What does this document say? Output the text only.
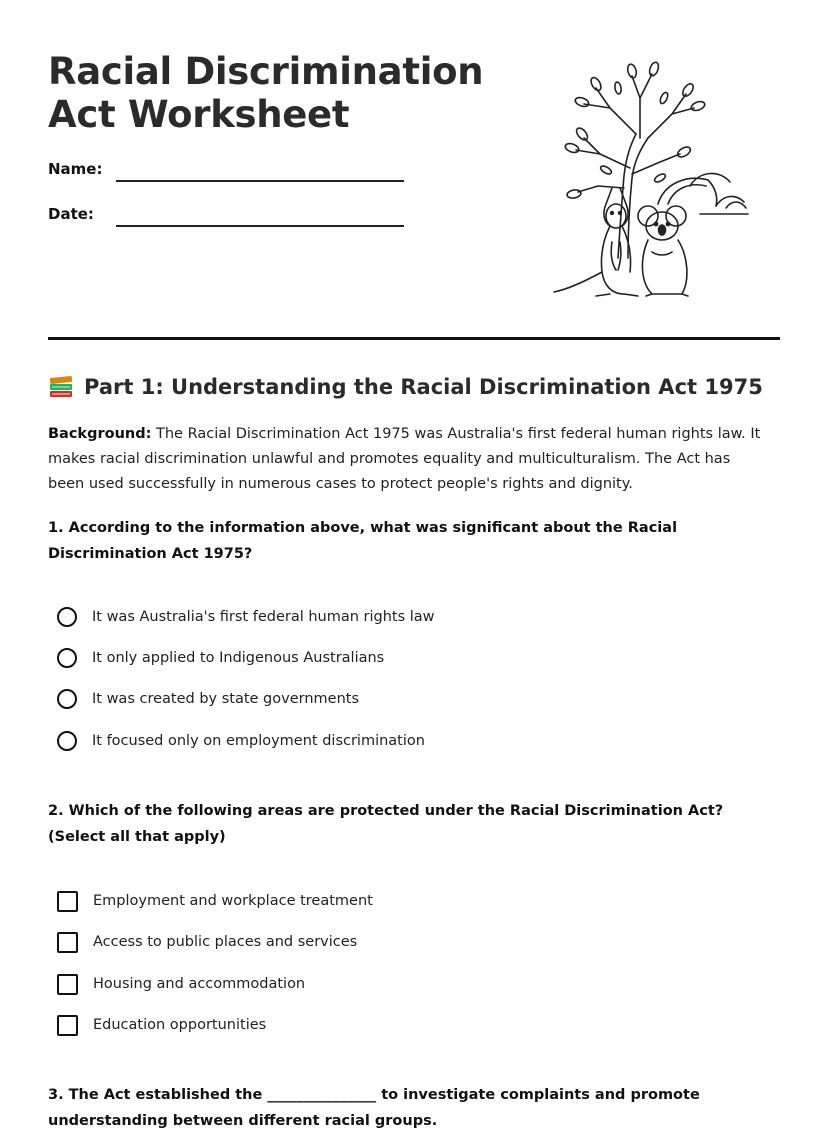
Racial Discrimination
Act Worksheet
Name:
Date:
Part 1: Understanding the Racial Discrimination Act 1975

Background: The Racial Discrimination Act 1975 was Australia's first federal human rights law. It makes racial discrimination unlawful and promotes equality and multiculturalism. The Act has been used successfully in numerous cases to protect people's rights and dignity.

1. According to the information above, what was significant about the Racial Discrimination Act 1975?

It was Australia's first federal human rights law
It only applied to Indigenous Australians
It was created by state governments
It focused only on employment discrimination

2. Which of the following areas are protected under the Racial Discrimination Act? (Select all that apply)

Employment and workplace treatment
Access to public places and services
Housing and accommodation
Education opportunities

3. The Act established the _______________ to investigate complaints and promote understanding between different racial groups.
